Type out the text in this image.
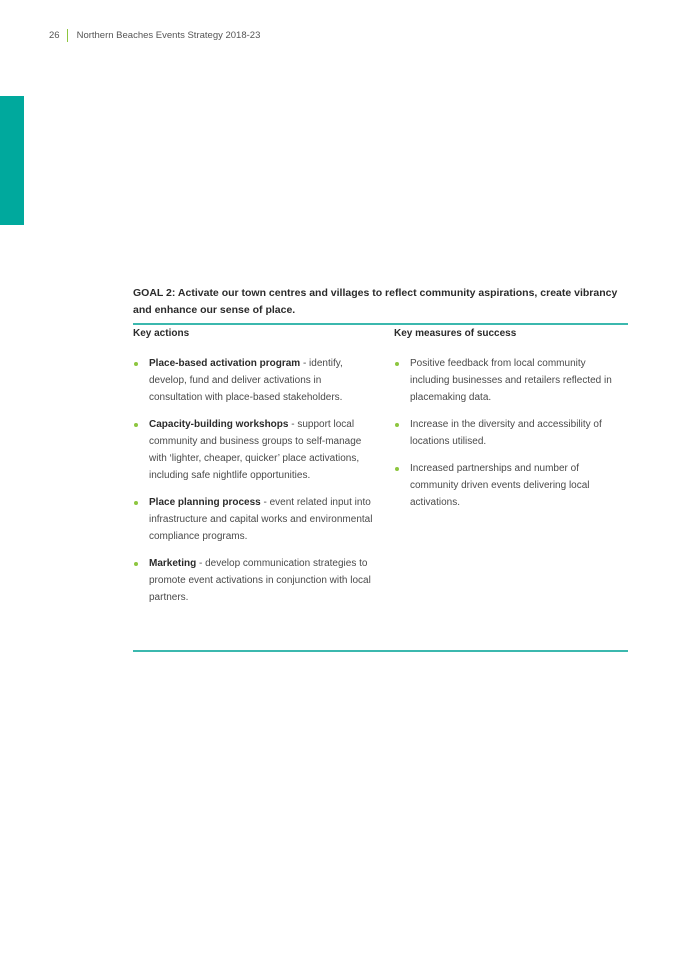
26 Northern Beaches Events Strategy 2018-23
GOAL 2: Activate our town centres and villages to reflect community aspirations, create vibrancy and enhance our sense of place.
Key actions	Key measures of success
Place-based activation program - identify, develop, fund and deliver activations in consultation with place-based stakeholders.
Capacity-building workshops - support local community and business groups to self-manage with ‘lighter, cheaper, quicker’ place activations, including safe nightlife opportunities.
Place planning process - event related input into infrastructure and capital works and environmental compliance programs.
Marketing - develop communication strategies to promote event activations in conjunction with local partners.
Positive feedback from local community including businesses and retailers reflected in placemaking data.
Increase in the diversity and accessibility of locations utilised.
Increased partnerships and number of community driven events delivering local activations.
